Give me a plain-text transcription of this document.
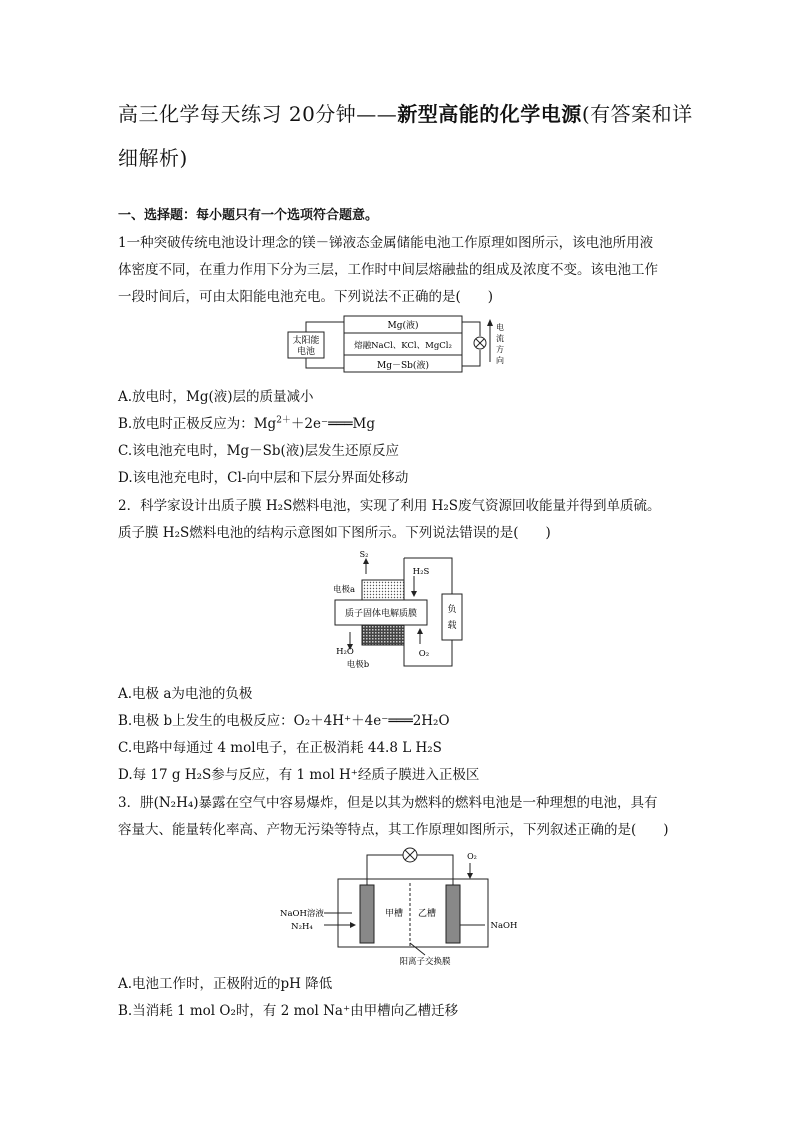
高三化学每天练习 20分钟——新型高能的化学电源(有答案和详细解析)
一、选择题：每小题只有一个选项符合题意。
1一种突破传统电池设计理念的镁－锑液态金属储能电池工作原理如图所示，该电池所用液
体密度不同，在重力作用下分为三层，工作时中间层熔融盐的组成及浓度不变。该电池工作
一段时间后，可由太阳能电池充电。下列说法不正确的是(　　)
Mg(液)
熔融NaCl、KCl、MgCl₂
Mg－Sb(液)
太阳能
电池
电
流
方
向
A.放电时，Mg(液)层的质量减小
B.放电时正极反应为：$Mg^{2+}+2e^-═══Mg$
C.该电池充电时，Mg－Sb(液)层发生还原反应
D.该电池充电时，Cl-向中层和下层分界面处移动
2．科学家设计出质子膜 H₂S燃料电池，实现了利用 H₂S废气资源回收能量并得到单质硫。
质子膜 H₂S燃料电池的结构示意图如下图所示。下列说法错误的是(　　)
S₂
电极a
H₂S
质子固体电解质膜	负
载
H₂O	O₂
电极b
A.电极 a为电池的负极
B.电极 b上发生的电极反应：O₂＋4H⁺＋4e⁻═══2H₂O
C.电路中每通过 4 mol电子，在正极消耗 44.8 L H₂S
D.每 17 g H₂S参与反应，有 1 mol H⁺经质子膜进入正极区
3．肼(N₂H₄)暴露在空气中容易爆炸，但是以其为燃料的燃料电池是一种理想的电池，具有
容量大、能量转化率高、产物无污染等特点，其工作原理如图所示，下列叙述正确的是(　　)
O₂
NaOH溶液
N₂H₄
甲槽 乙槽
NaOH
阳离子交换膜
A.电池工作时，正极附近的pH 降低
B.当消耗 1 mol O₂时，有 2 mol Na⁺由甲槽向乙槽迁移
